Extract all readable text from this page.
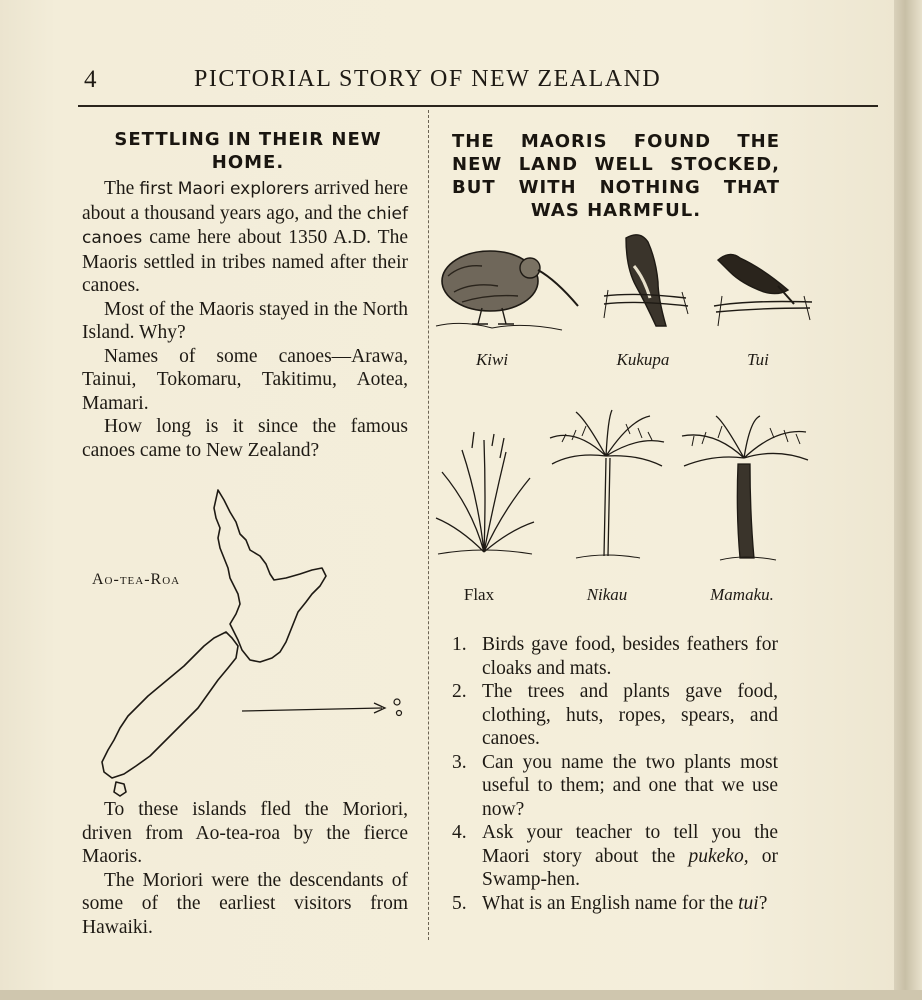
4	PICTORIAL STORY OF NEW ZEALAND
SETTLING IN THEIR NEW HOME.

The first Maori explorers arrived here about a thousand years ago, and the chief canoes came here about 1350 A.D. The Maoris settled in tribes named after their canoes.

Most of the Maoris stayed in the North Island. Why?

Names of some canoes—Arawa, Tainui, Tokomaru, Takitimu, Aotea, Mamari.

How long is it since the famous canoes came to New Zealand?

Ao-tea-Roa

To these islands fled the Moriori, driven from Ao-tea-roa by the fierce Maoris.

The Moriori were the descendants of some of the earliest visitors from Hawaiki.

THE MAORIS FOUND THE NEW LAND WELL STOCKED, BUT WITH NOTHING THAT WAS HARMFUL.
Kiwi	Kukupa	Tui
Flax	Nikau	Mamaku.
1. Birds gave food, besides feathers for cloaks and mats.
2. The trees and plants gave food, clothing, huts, ropes, spears, and canoes.
3. Can you name the two plants most useful to them; and one that we use now?
4. Ask your teacher to tell you the Maori story about the pukeko, or Swamp-hen.
5. What is an English name for the tui?
